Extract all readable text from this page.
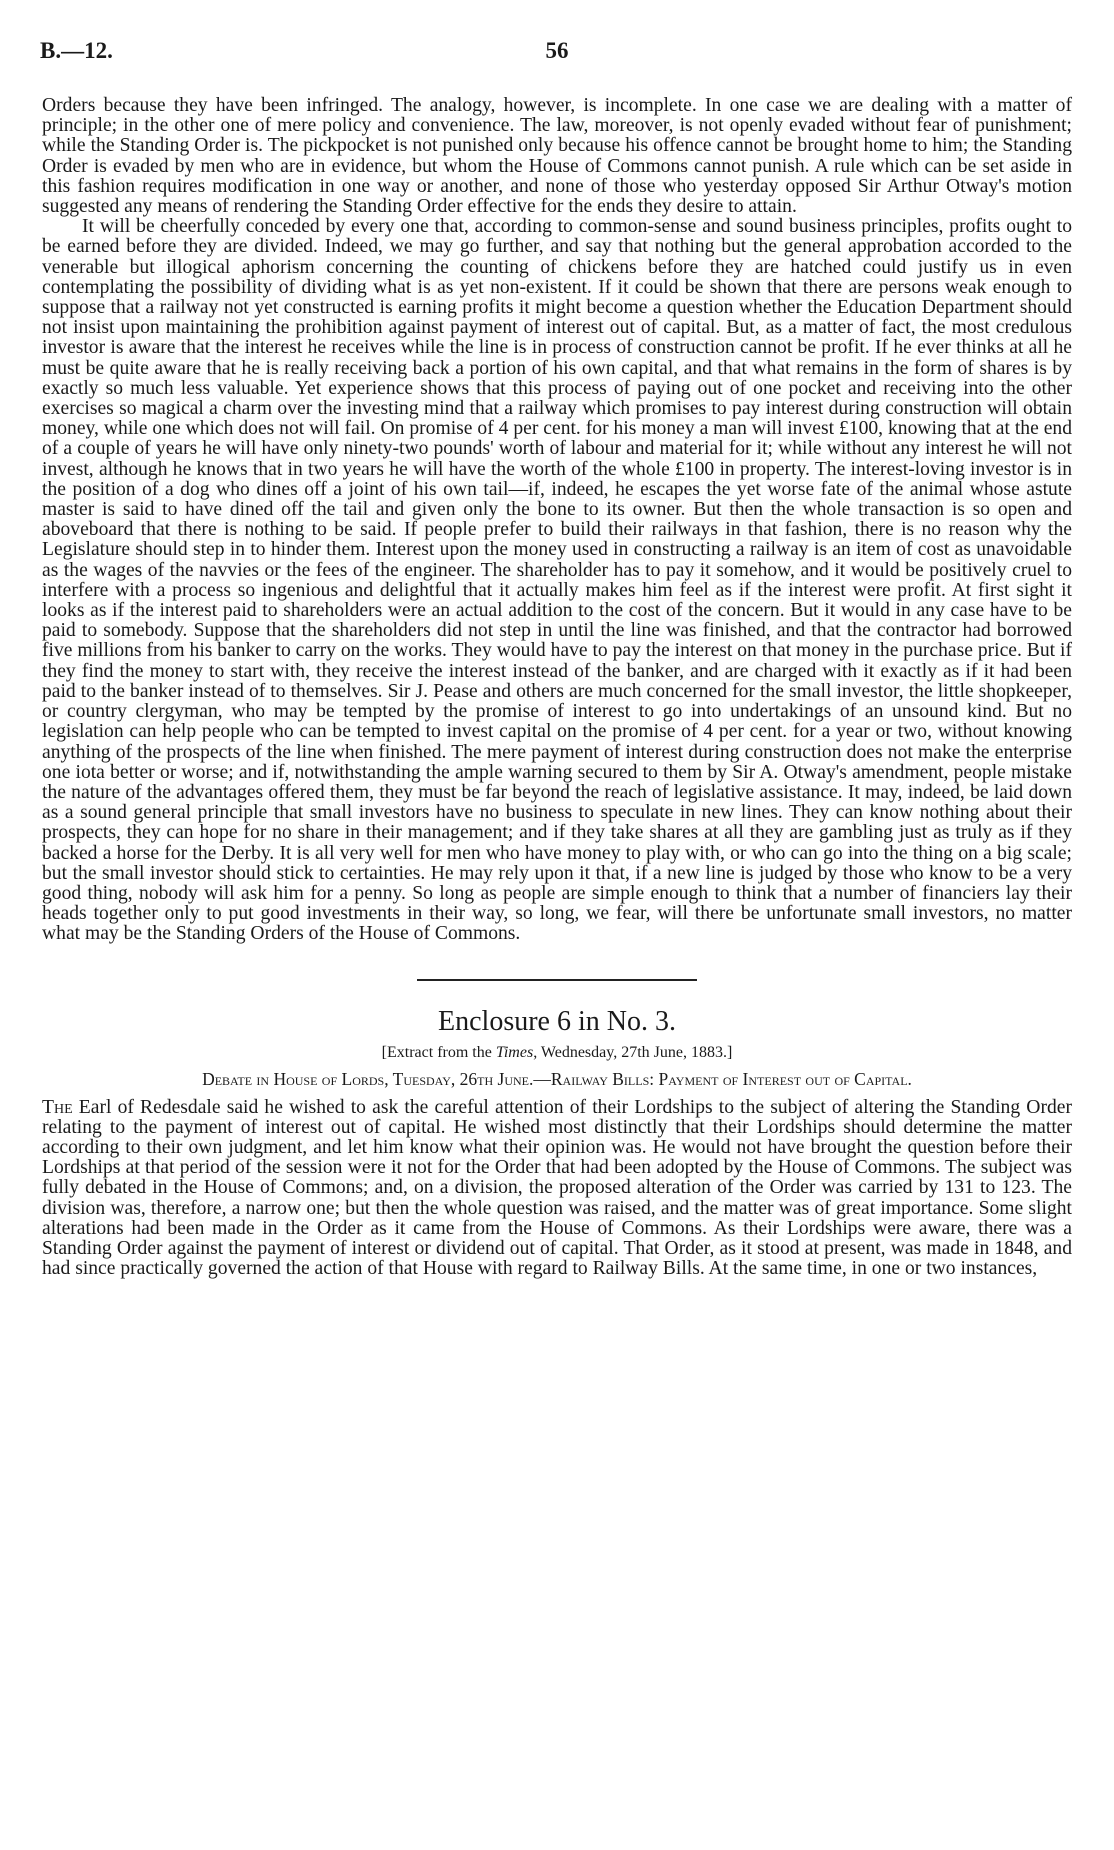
B.—12.	56

Orders because they have been infringed. The analogy, however, is incomplete. In one case we are dealing with a matter of principle; in the other one of mere policy and convenience. The law, moreover, is not openly evaded without fear of punishment; while the Standing Order is. The pickpocket is not punished only because his offence cannot be brought home to him; the Standing Order is evaded by men who are in evidence, but whom the House of Commons cannot punish. A rule which can be set aside in this fashion requires modification in one way or another, and none of those who yesterday opposed Sir Arthur Otway's motion suggested any means of rendering the Standing Order effective for the ends they desire to attain.

It will be cheerfully conceded by every one that, according to common-sense and sound business principles, profits ought to be earned before they are divided. Indeed, we may go further, and say that nothing but the general approbation accorded to the venerable but illogical aphorism concerning the counting of chickens before they are hatched could justify us in even contemplating the possibility of dividing what is as yet non-existent. If it could be shown that there are persons weak enough to suppose that a railway not yet constructed is earning profits it might become a question whether the Education Department should not insist upon maintaining the prohibition against payment of interest out of capital. But, as a matter of fact, the most credulous investor is aware that the interest he receives while the line is in process of construction cannot be profit. If he ever thinks at all he must be quite aware that he is really receiving back a portion of his own capital, and that what remains in the form of shares is by exactly so much less valuable. Yet experience shows that this process of paying out of one pocket and receiving into the other exercises so magical a charm over the investing mind that a railway which promises to pay interest during construction will obtain money, while one which does not will fail. On promise of 4 per cent. for his money a man will invest £100, knowing that at the end of a couple of years he will have only ninety-two pounds' worth of labour and material for it; while without any interest he will not invest, although he knows that in two years he will have the worth of the whole £100 in property. The interest-loving investor is in the position of a dog who dines off a joint of his own tail—if, indeed, he escapes the yet worse fate of the animal whose astute master is said to have dined off the tail and given only the bone to its owner. But then the whole transaction is so open and aboveboard that there is nothing to be said. If people prefer to build their railways in that fashion, there is no reason why the Legislature should step in to hinder them. Interest upon the money used in constructing a railway is an item of cost as unavoidable as the wages of the navvies or the fees of the engineer. The shareholder has to pay it somehow, and it would be positively cruel to interfere with a process so ingenious and delightful that it actually makes him feel as if the interest were profit. At first sight it looks as if the interest paid to shareholders were an actual addition to the cost of the concern. But it would in any case have to be paid to somebody. Suppose that the shareholders did not step in until the line was finished, and that the contractor had borrowed five millions from his banker to carry on the works. They would have to pay the interest on that money in the purchase price. But if they find the money to start with, they receive the interest instead of the banker, and are charged with it exactly as if it had been paid to the banker instead of to themselves. Sir J. Pease and others are much concerned for the small investor, the little shopkeeper, or country clergyman, who may be tempted by the promise of interest to go into undertakings of an unsound kind. But no legislation can help people who can be tempted to invest capital on the promise of 4 per cent. for a year or two, without knowing anything of the prospects of the line when finished. The mere payment of interest during construction does not make the enterprise one iota better or worse; and if, notwithstanding the ample warning secured to them by Sir A. Otway's amendment, people mistake the nature of the advantages offered them, they must be far beyond the reach of legislative assistance. It may, indeed, be laid down as a sound general principle that small investors have no business to speculate in new lines. They can know nothing about their prospects, they can hope for no share in their management; and if they take shares at all they are gambling just as truly as if they backed a horse for the Derby. It is all very well for men who have money to play with, or who can go into the thing on a big scale; but the small investor should stick to certainties. He may rely upon it that, if a new line is judged by those who know to be a very good thing, nobody will ask him for a penny. So long as people are simple enough to think that a number of financiers lay their heads together only to put good investments in their way, so long, we fear, will there be unfortunate small investors, no matter what may be the Standing Orders of the House of Commons.

Enclosure 6 in No. 3.
[Extract from the Times, Wednesday, 27th June, 1883.]
Debate in House of Lords, Tuesday, 26th June.—Railway Bills: Payment of Interest out of Capital.

The Earl of Redesdale said he wished to ask the careful attention of their Lordships to the subject of altering the Standing Order relating to the payment of interest out of capital. He wished most distinctly that their Lordships should determine the matter according to their own judgment, and let him know what their opinion was. He would not have brought the question before their Lordships at that period of the session were it not for the Order that had been adopted by the House of Commons. The subject was fully debated in the House of Commons; and, on a division, the proposed alteration of the Order was carried by 131 to 123. The division was, therefore, a narrow one; but then the whole question was raised, and the matter was of great importance. Some slight alterations had been made in the Order as it came from the House of Commons. As their Lordships were aware, there was a Standing Order against the payment of interest or dividend out of capital. That Order, as it stood at present, was made in 1848, and had since practically governed the action of that House with regard to Railway Bills. At the same time, in one or two instances,
